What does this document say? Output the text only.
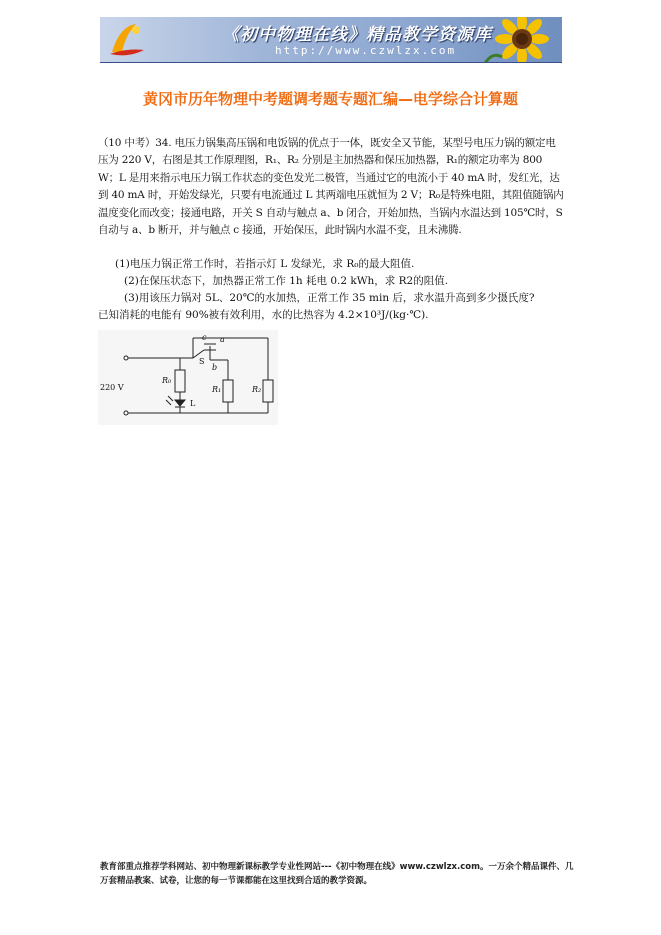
《初中物理在线》精品教学资源库
http://www.czwlzx.com
黄冈市历年物理中考题调考题专题汇编—电学综合计算题
（10 中考）34. 电压力锅集高压锅和电饭锅的优点于一体，既安全又节能，某型号电压力锅的额定电压为 220 V，右图是其工作原理图，R₁、R₂ 分别是主加热器和保压加热器，R₁的额定功率为 800 W；L 是用来指示电压力锅工作状态的变色发光二极管，当通过它的电流小于 40 mA 时，发红光，达到 40 mA 时，开始发绿光，只要有电流通过 L 其两端电压就恒为 2 V；R₀是特殊电阻，其阻值随锅内温度变化而改变；接通电路，开关 S 自动与触点 a、b 闭合，开始加热，当锅内水温达到 105℃时，S 自动与 a、b 断开，并与触点 c 接通，开始保压，此时锅内水温不变，且未沸腾.
(1)电压力锅正常工作时，若指示灯 L 发绿光，求 R₀的最大阻值.
(2)在保压状态下，加热器正常工作 1h 耗电 0.2 kWh，求 R2的阻值.
(3)用该压力锅对 5L、20℃的水加热，正常工作 35 min 后，求水温升高到多少摄氏度?
已知消耗的电能有 90%被有效利用，水的比热容为 4.2×10³J/(kg·℃).
220 V
c a
S
b
R₀
R₁	R₂
L
教育部重点推荐学科网站、初中物理新课标教学专业性网站---《初中物理在线》www.czwlzx.com。一万余个精品课件、几万套精品教案、试卷，让您的每一节课都能在这里找到合适的教学资源。
